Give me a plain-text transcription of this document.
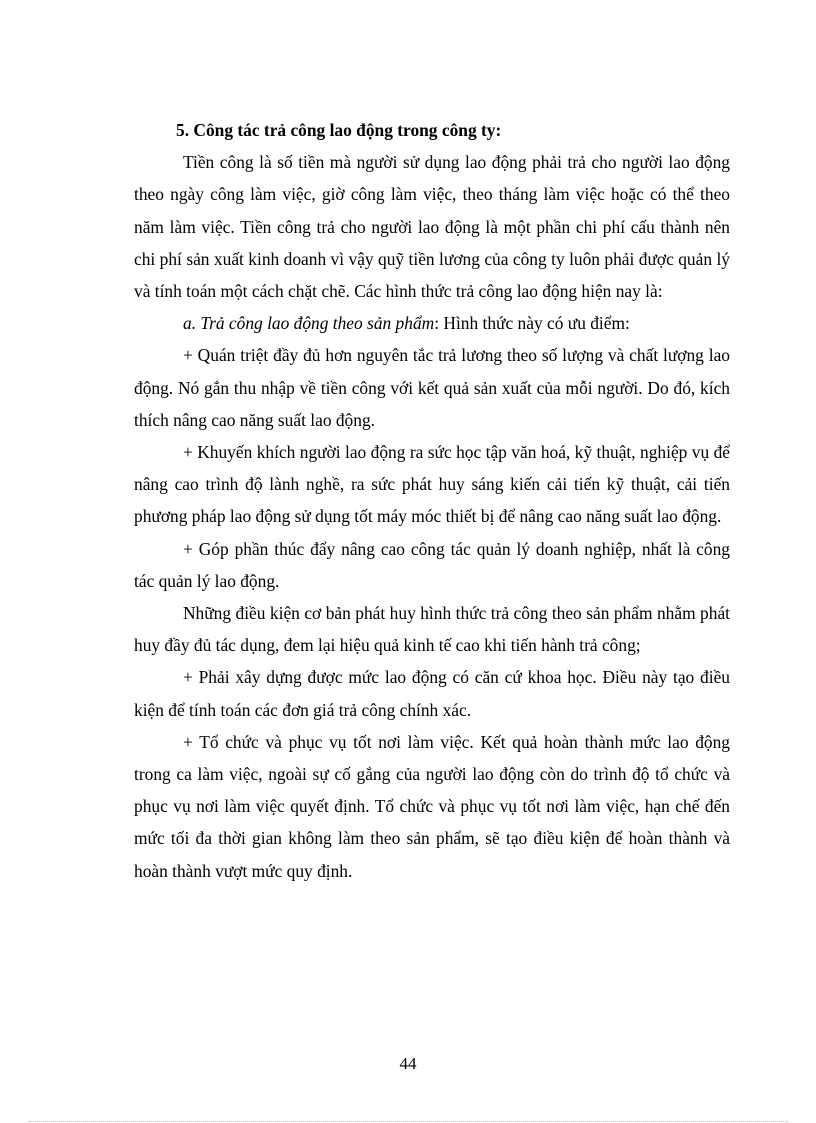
5. Công tác trả công lao động trong công ty:

Tiền công là số tiền mà người sử dụng lao động phải trả cho người lao động theo ngày công làm việc, giờ công làm việc, theo tháng làm việc hoặc có thể theo năm làm việc. Tiền công trả cho người lao động là một phần chi phí cấu thành nên chi phí sản xuất kinh doanh vì vậy quỹ tiền lương của công ty luôn phải được quản lý và tính toán một cách chặt chẽ. Các hình thức trả công lao động hiện nay là:

a. Trả công lao động theo sản phẩm: Hình thức này có ưu điểm:

+ Quán triệt đầy đủ hơn nguyên tắc trả lương theo số lượng và chất lượng lao động. Nó gắn thu nhập về tiền công với kết quả sản xuất của mỗi người. Do đó, kích thích nâng cao năng suất lao động.

+ Khuyến khích người lao động ra sức học tập văn hoá, kỹ thuật, nghiệp vụ để nâng cao trình độ lành nghề, ra sức phát huy sáng kiến cải tiến kỹ thuật, cải tiến phương pháp lao động sử dụng tốt máy móc thiết bị để nâng cao năng suất lao động.

+ Góp phần thúc đẩy nâng cao công tác quản lý doanh nghiệp, nhất là công tác quản lý lao động.

Những điều kiện cơ bản phát huy hình thức trả công theo sản phẩm nhằm phát huy đầy đủ tác dụng, đem lại hiệu quả kinh tế cao khi tiến hành trả công;

+ Phải xây dựng được mức lao động có căn cứ khoa học. Điều này tạo điều kiện để tính toán các đơn giá trả công chính xác.

+ Tổ chức và phục vụ tốt nơi làm việc. Kết quả hoàn thành mức lao động trong ca làm việc, ngoài sự cố gắng của người lao động còn do trình độ tổ chức và phục vụ nơi làm việc quyết định. Tổ chức và phục vụ tốt nơi làm việc, hạn chế đến mức tối đa thời gian không làm theo sản phẩm, sẽ tạo điều kiện để hoàn thành và hoàn thành vượt mức quy định.

44
